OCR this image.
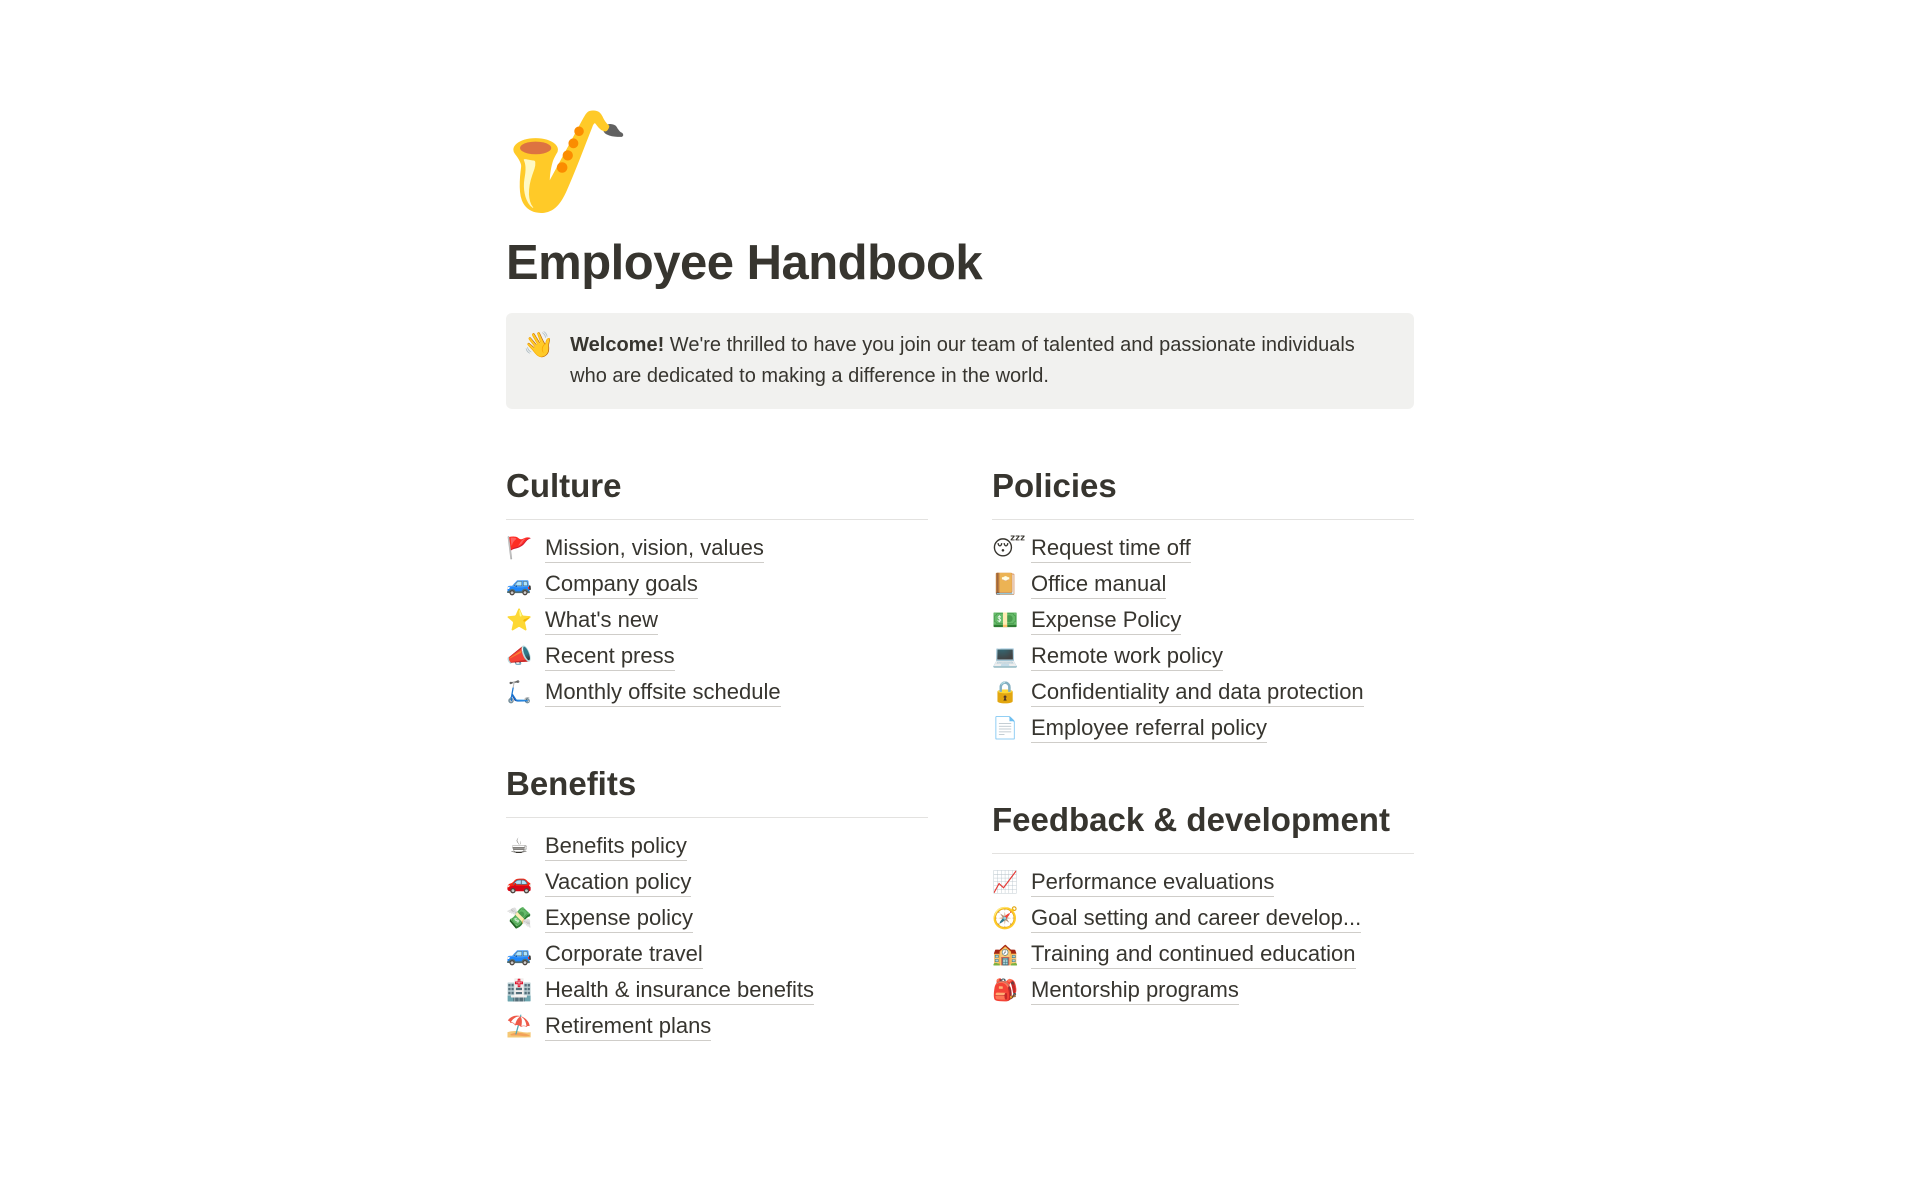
🎷
Employee Handbook
👋 Welcome! We're thrilled to have you join our team of talented and passionate individuals who are dedicated to making a difference in the world.
Culture
🚩 Mission, vision, values
🚙 Company goals
⭐ What's new
📣 Recent press
🛴 Monthly offsite schedule
Benefits
☕ Benefits policy
🚗 Vacation policy
💸 Expense policy
🚙 Corporate travel
🏥 Health & insurance benefits
⛱️ Retirement plans
Policies
😴 Request time off
📔 Office manual
💵 Expense Policy
💻 Remote work policy
🔒 Confidentiality and data protection
📄 Employee referral policy
Feedback & development
📈 Performance evaluations
🧭 Goal setting and career develop...
🏫 Training and continued education
🎒 Mentorship programs
